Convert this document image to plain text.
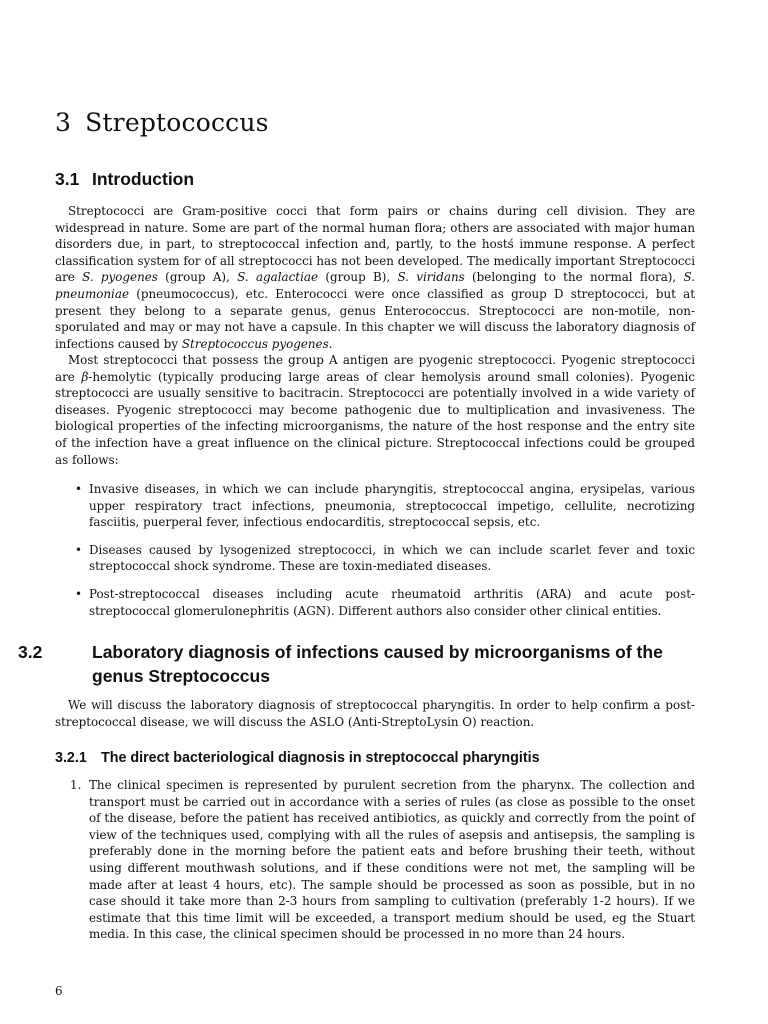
3 Streptococcus
3.1 Introduction

Streptococci are Gram-positive cocci that form pairs or chains during cell division. They are widespread in nature. Some are part of the normal human flora; others are associated with major human disorders due, in part, to streptococcal infection and, partly, to the hostś immune response. A perfect classification system for of all streptococci has not been developed. The medically important Streptococci are S. pyogenes (group A), S. agalactiae (group B), S. viridans (belonging to the normal flora), S. pneumoniae (pneumococcus), etc. Enterococci were once classified as group D streptococci, but at present they belong to a separate genus, genus Enterococcus. Streptococci are non-motile, non-sporulated and may or may not have a capsule. In this chapter we will discuss the laboratory diagnosis of infections caused by Streptococcus pyogenes.

Most streptococci that possess the group A antigen are pyogenic streptococci. Pyogenic streptococci are β-hemolytic (typically producing large areas of clear hemolysis around small colonies). Pyogenic streptococci are usually sensitive to bacitracin. Streptococci are potentially involved in a wide variety of diseases. Pyogenic streptococci may become pathogenic due to multiplication and invasiveness. The biological properties of the infecting microorganisms, the nature of the host response and the entry site of the infection have a great influence on the clinical picture. Streptococcal infections could be grouped as follows:

• Invasive diseases, in which we can include pharyngitis, streptococcal angina, erysipelas, various upper respiratory tract infections, pneumonia, streptococcal impetigo, cellulite, necrotizing fasciitis, puerperal fever, infectious endocarditis, streptococcal sepsis, etc.
• Diseases caused by lysogenized streptococci, in which we can include scarlet fever and toxic streptococcal shock syndrome. These are toxin-mediated diseases.
• Post-streptococcal diseases including acute rheumatoid arthritis (ARA) and acute post-streptococcal glomerulonephritis (AGN). Different authors also consider other clinical entities.
3.2	Laboratory diagnosis of infections caused by microorganisms of the genus Streptococcus

We will discuss the laboratory diagnosis of streptococcal pharyngitis. In order to help confirm a post-streptococcal disease, we will discuss the ASLO (Anti-StreptoLysin O) reaction.

3.2.1 The direct bacteriological diagnosis in streptococcal pharyngitis
1. The clinical specimen is represented by purulent secretion from the pharynx. The collection and transport must be carried out in accordance with a series of rules (as close as possible to the onset of the disease, before the patient has received antibiotics, as quickly and correctly from the point of view of the techniques used, complying with all the rules of asepsis and antisepsis, the sampling is preferably done in the morning before the patient eats and before brushing their teeth, without using different mouthwash solutions, and if these conditions were not met, the sampling will be made after at least 4 hours, etc). The sample should be processed as soon as possible, but in no case should it take more than 2-3 hours from sampling to cultivation (preferably 1-2 hours). If we estimate that this time limit will be exceeded, a transport medium should be used, eg the Stuart media. In this case, the clinical specimen should be processed in no more than 24 hours.
6
